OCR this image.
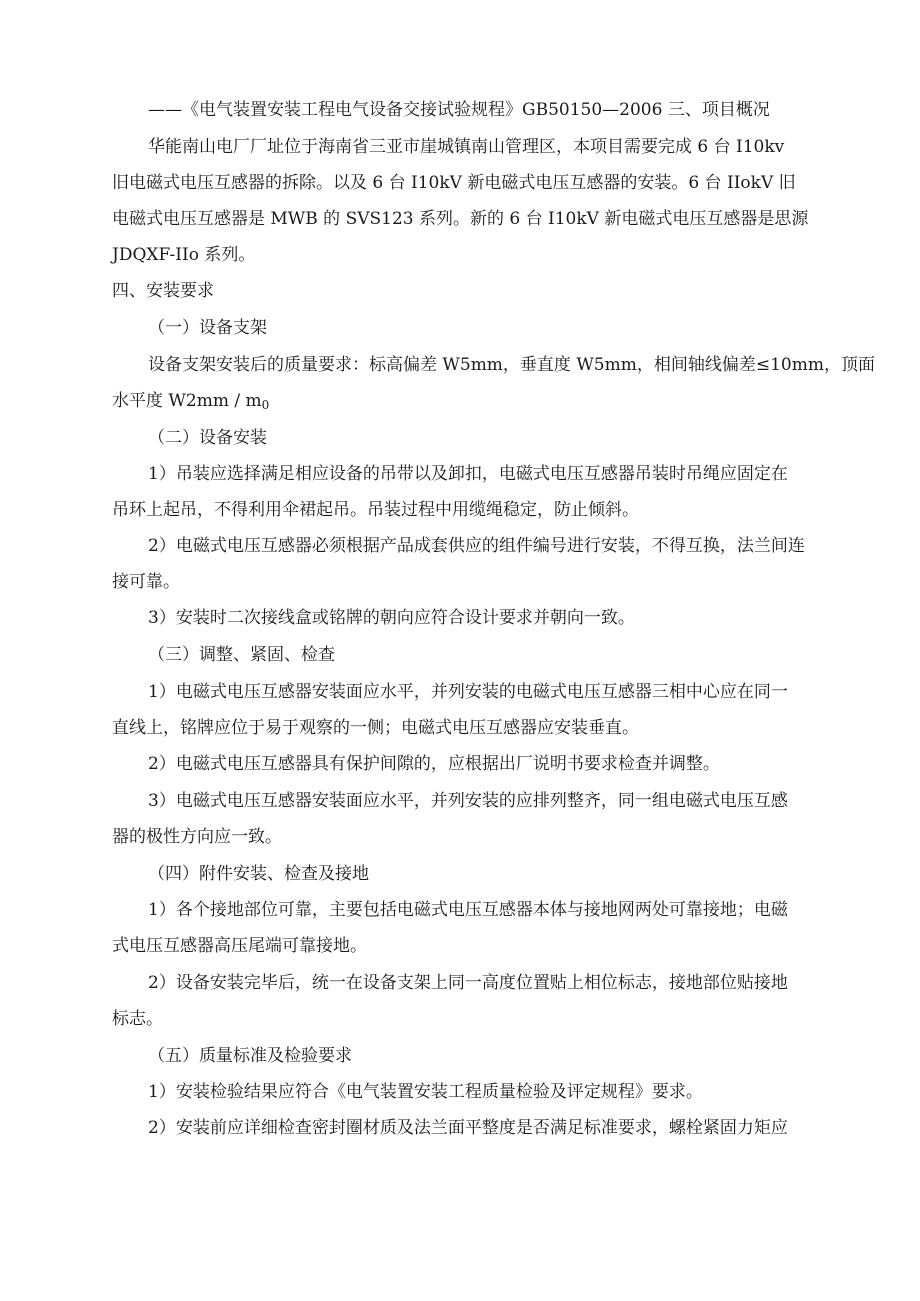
——《电气装置安装工程电气设备交接试验规程》GB50150—2006 三、项目概况

华能南山电厂厂址位于海南省三亚市崖城镇南山管理区，本项目需要完成 6 台 I10kv

旧电磁式电压互感器的拆除。以及 6 台 I10kV 新电磁式电压互感器的安装。6 台 IIokV 旧

电磁式电压互感器是 MWB 的 SVS123 系列。新的 6 台 I10kV 新电磁式电压互感器是思源

JDQXF-IIo 系列。

四、安装要求

（一）设备支架

设备支架安装后的质量要求：标高偏差 W5mm，垂直度 W5mm，相间轴线偏差≤10mm，顶面

水平度 $W2mm / m_0$

（二）设备安装

1）吊装应选择满足相应设备的吊带以及卸扣，电磁式电压互感器吊装时吊绳应固定在

吊环上起吊，不得利用伞裙起吊。吊装过程中用缆绳稳定，防止倾斜。

2）电磁式电压互感器必须根据产品成套供应的组件编号进行安装，不得互换，法兰间连

接可靠。

3）安装时二次接线盒或铭牌的朝向应符合设计要求并朝向一致。

（三）调整、紧固、检查

1）电磁式电压互感器安装面应水平，并列安装的电磁式电压互感器三相中心应在同一

直线上，铭牌应位于易于观察的一侧；电磁式电压互感器应安装垂直。

2）电磁式电压互感器具有保护间隙的，应根据出厂说明书要求检查并调整。

3）电磁式电压互感器安装面应水平，并列安装的应排列整齐，同一组电磁式电压互感

器的极性方向应一致。

（四）附件安装、检查及接地

1）各个接地部位可靠，主要包括电磁式电压互感器本体与接地网两处可靠接地；电磁

式电压互感器高压尾端可靠接地。

2）设备安装完毕后，统一在设备支架上同一高度位置贴上相位标志，接地部位贴接地

标志。

（五）质量标准及检验要求

1）安装检验结果应符合《电气装置安装工程质量检验及评定规程》要求。

2）安装前应详细检查密封圈材质及法兰面平整度是否满足标准要求，螺栓紧固力矩应
